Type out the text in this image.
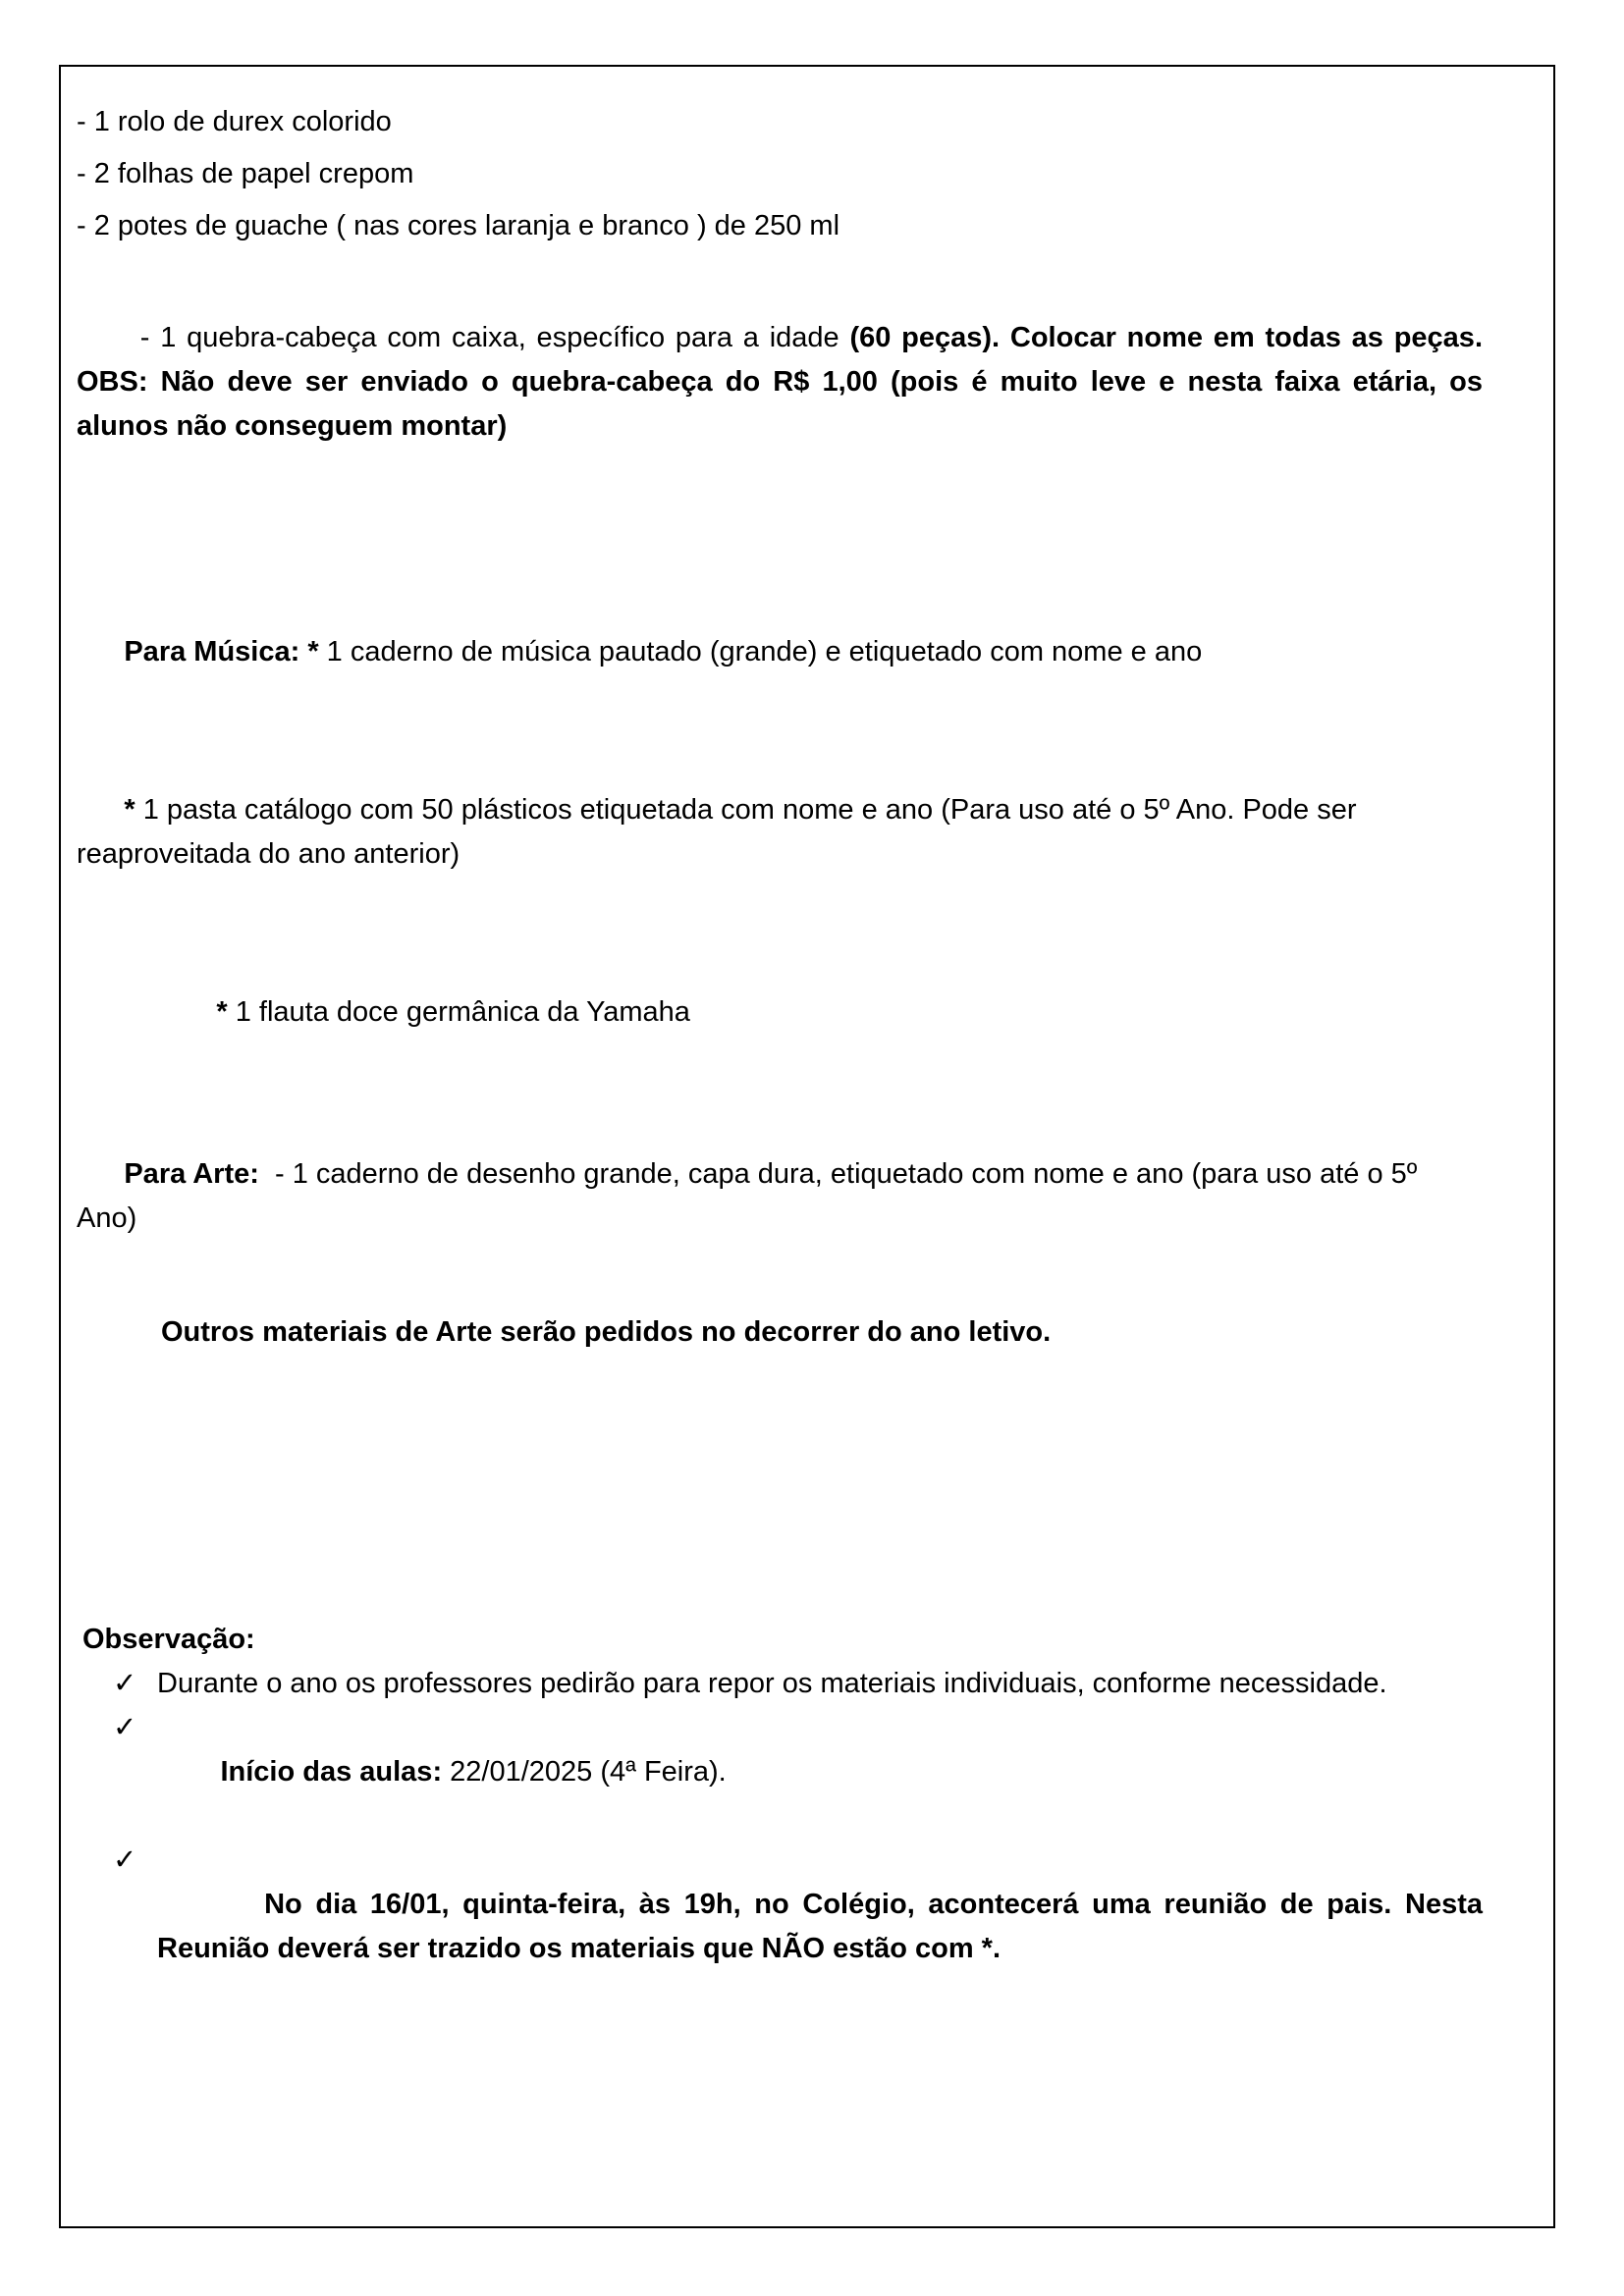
- 1 rolo de durex colorido
- 2 folhas de papel crepom
- 2 potes de guache ( nas cores laranja e branco ) de 250 ml

- 1 quebra-cabeça com caixa, específico para a idade (60 peças). Colocar nome em todas as peças. OBS: Não deve ser enviado o quebra-cabeça do R$ 1,00 (pois é muito leve e nesta faixa etária, os alunos não conseguem montar)

Para Música: * 1 caderno de música pautado (grande) e etiquetado com nome e ano

* 1 pasta catálogo com 50 plásticos etiquetada com nome e ano (Para uso até o 5º Ano. Pode ser reaproveitada do ano anterior)

* 1 flauta doce germânica da Yamaha

Para Arte:  - 1 caderno de desenho grande, capa dura, etiquetado com nome e ano (para uso até o 5º Ano)

Outros materiais de Arte serão pedidos no decorrer do ano letivo.
Observação:
✓ Durante o ano os professores pedirão para repor os materiais individuais, conforme necessidade.
✓

Início das aulas: 22/01/2025 (4ª Feira).

✓

No dia 16/01, quinta-feira, às 19h, no Colégio, acontecerá uma reunião de pais. Nesta Reunião deverá ser trazido os materiais que NÃO estão com *.
